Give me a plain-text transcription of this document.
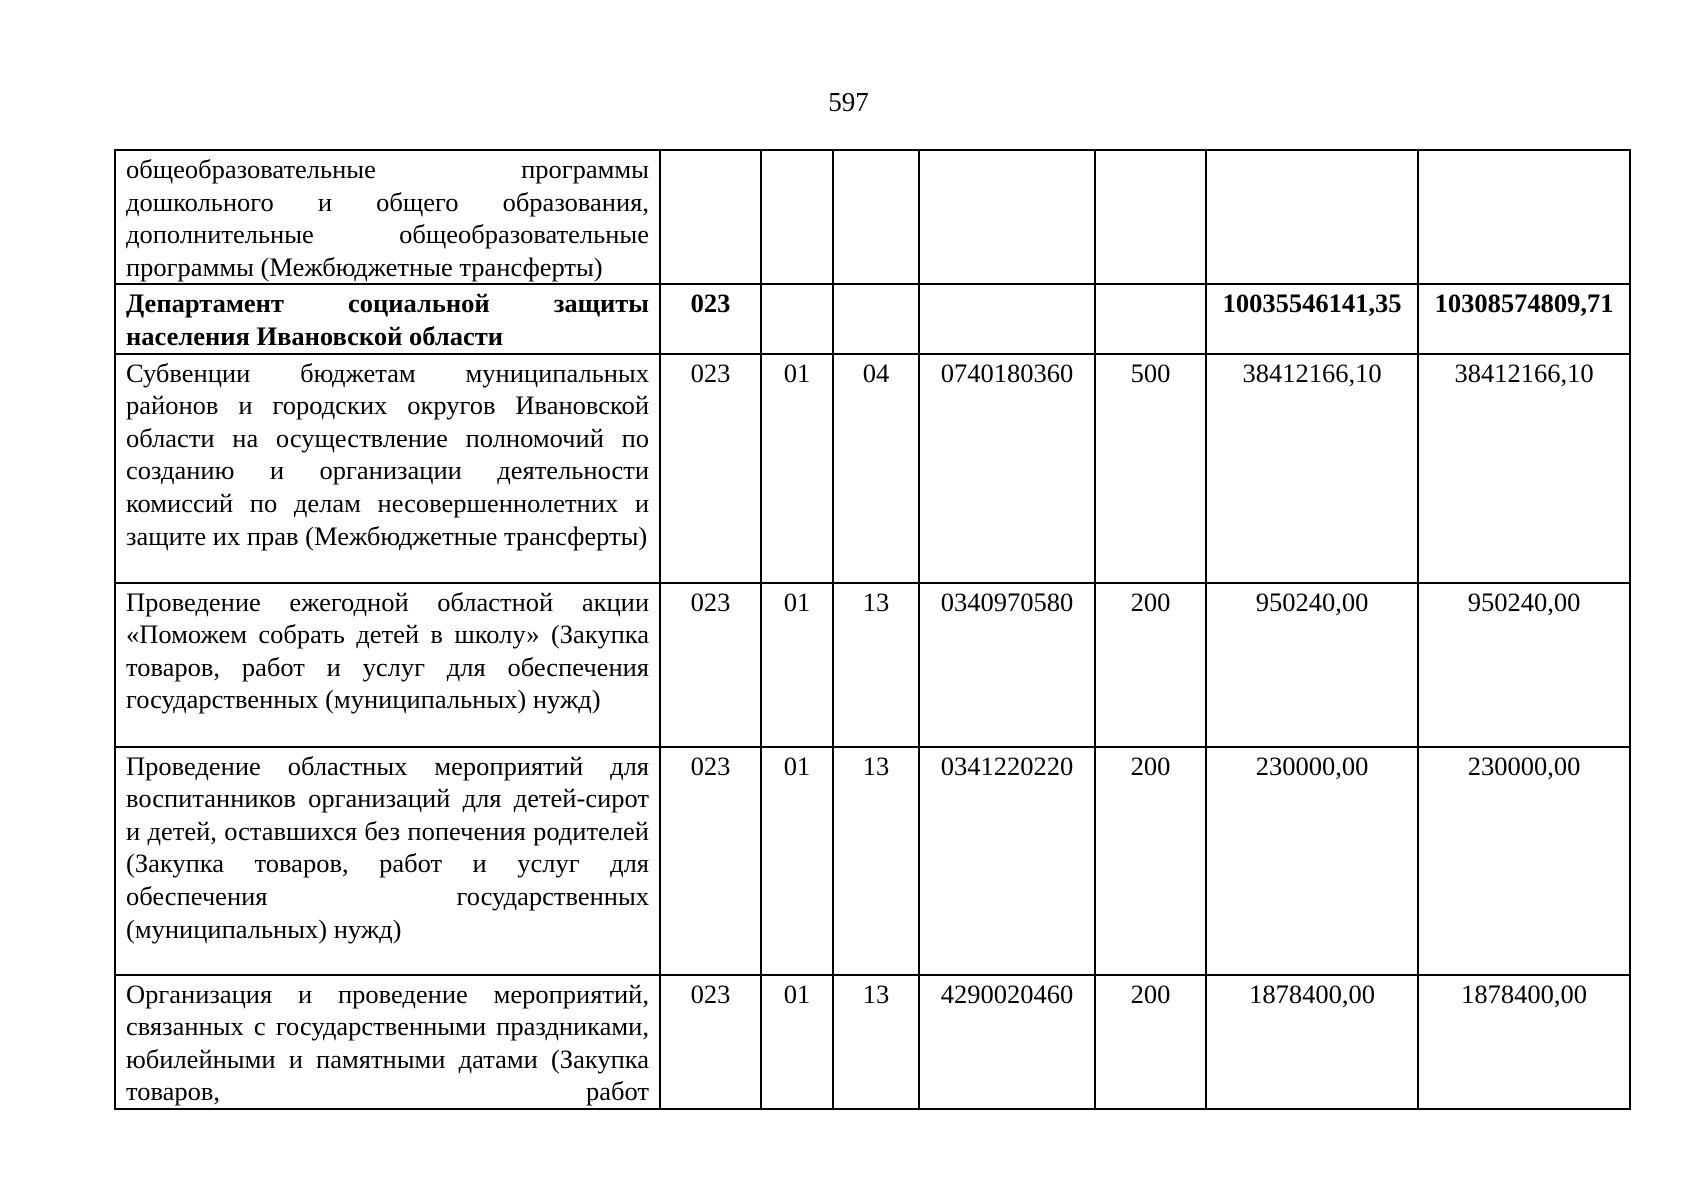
597
общеобразовательные программы дошкольного и общего образования, дополнительные общеобразовательные программы (Межбюджетные трансферты)							
Департамент социальной защиты населения Ивановской области	023					10035546141,35	10308574809,71
Субвенции бюджетам муниципальных районов и городских округов Ивановской области на осуществление полномочий по созданию и организации деятельности комиссий по делам несовершеннолетних и защите их прав (Межбюджетные трансферты)	023	01	04	0740180360	500	38412166,10	38412166,10
Проведение ежегодной областной акции «Поможем собрать детей в школу» (Закупка товаров, работ и услуг для обеспечения государственных (муниципальных) нужд)	023	01	13	0340970580	200	950240,00	950240,00
Проведение областных мероприятий для воспитанников организаций для детей-сирот и детей, оставшихся без попечения родителей (Закупка товаров, работ и услуг для обеспечения государственных (муниципальных) нужд)	023	01	13	0341220220	200	230000,00	230000,00
Организация и проведение мероприятий, связанных с государственными праздниками, юбилейными и памятными датами (Закупка товаров, работ	023	01	13	4290020460	200	1878400,00	1878400,00
